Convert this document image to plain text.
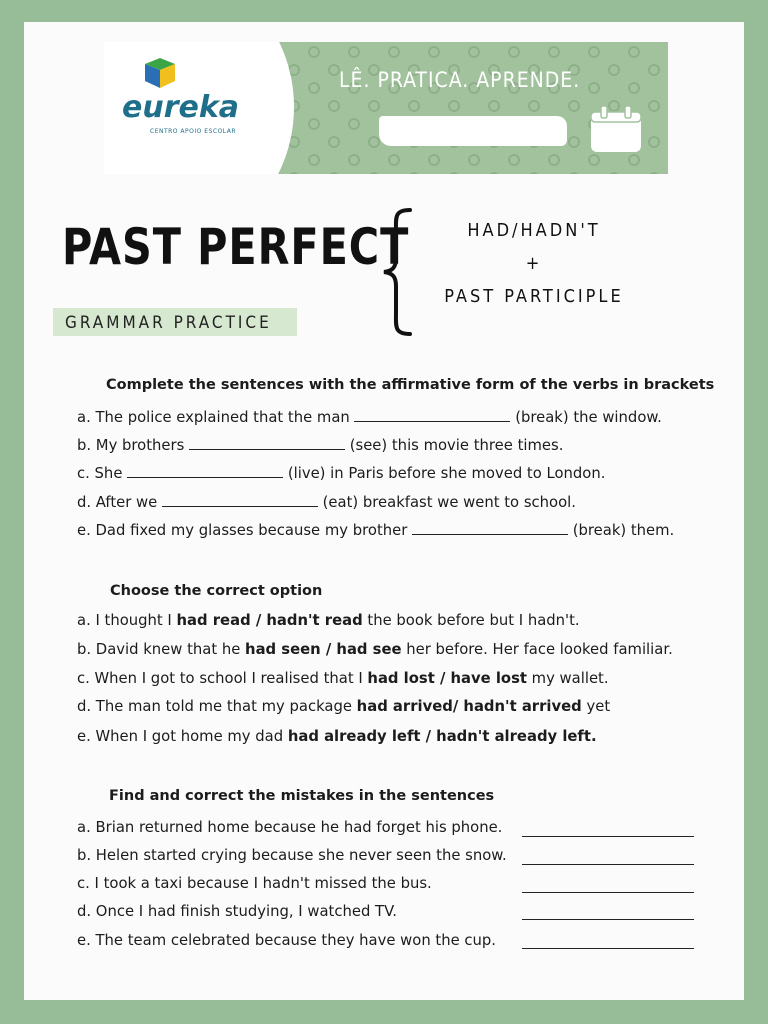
eureka
CENTRO APOIO ESCOLAR
LÊ. PRATICA. APRENDE.
PAST PERFECT	HAD/HADN'T
+
PAST PARTICIPLE
GRAMMAR PRACTICE
Complete the sentences with the affirmative form of the verbs in brackets
a. The police explained that the man	(break) the window.
b. My brothers	(see) this movie three times.
c. She	(live) in Paris before she moved to London.
d. After we	(eat) breakfast we went to school.
e. Dad fixed my glasses because my brother	(break) them.
Choose the correct option
a. I thought I had read / hadn't read the book before but I hadn't.
b. David knew that he had seen / had see her before. Her face looked familiar.
c. When I got to school I realised that I had lost / have lost my wallet.
d. The man told me that my package had arrived/ hadn't arrived yet
e. When I got home my dad had already left / hadn't already left.
Find and correct the mistakes in the sentences
a. Brian returned home because he had forget his phone.
b. Helen started crying because she never seen the snow.
c. I took a taxi because I hadn't missed the bus.
d. Once I had finish studying, I watched TV.
e. The team celebrated because they have won the cup.
